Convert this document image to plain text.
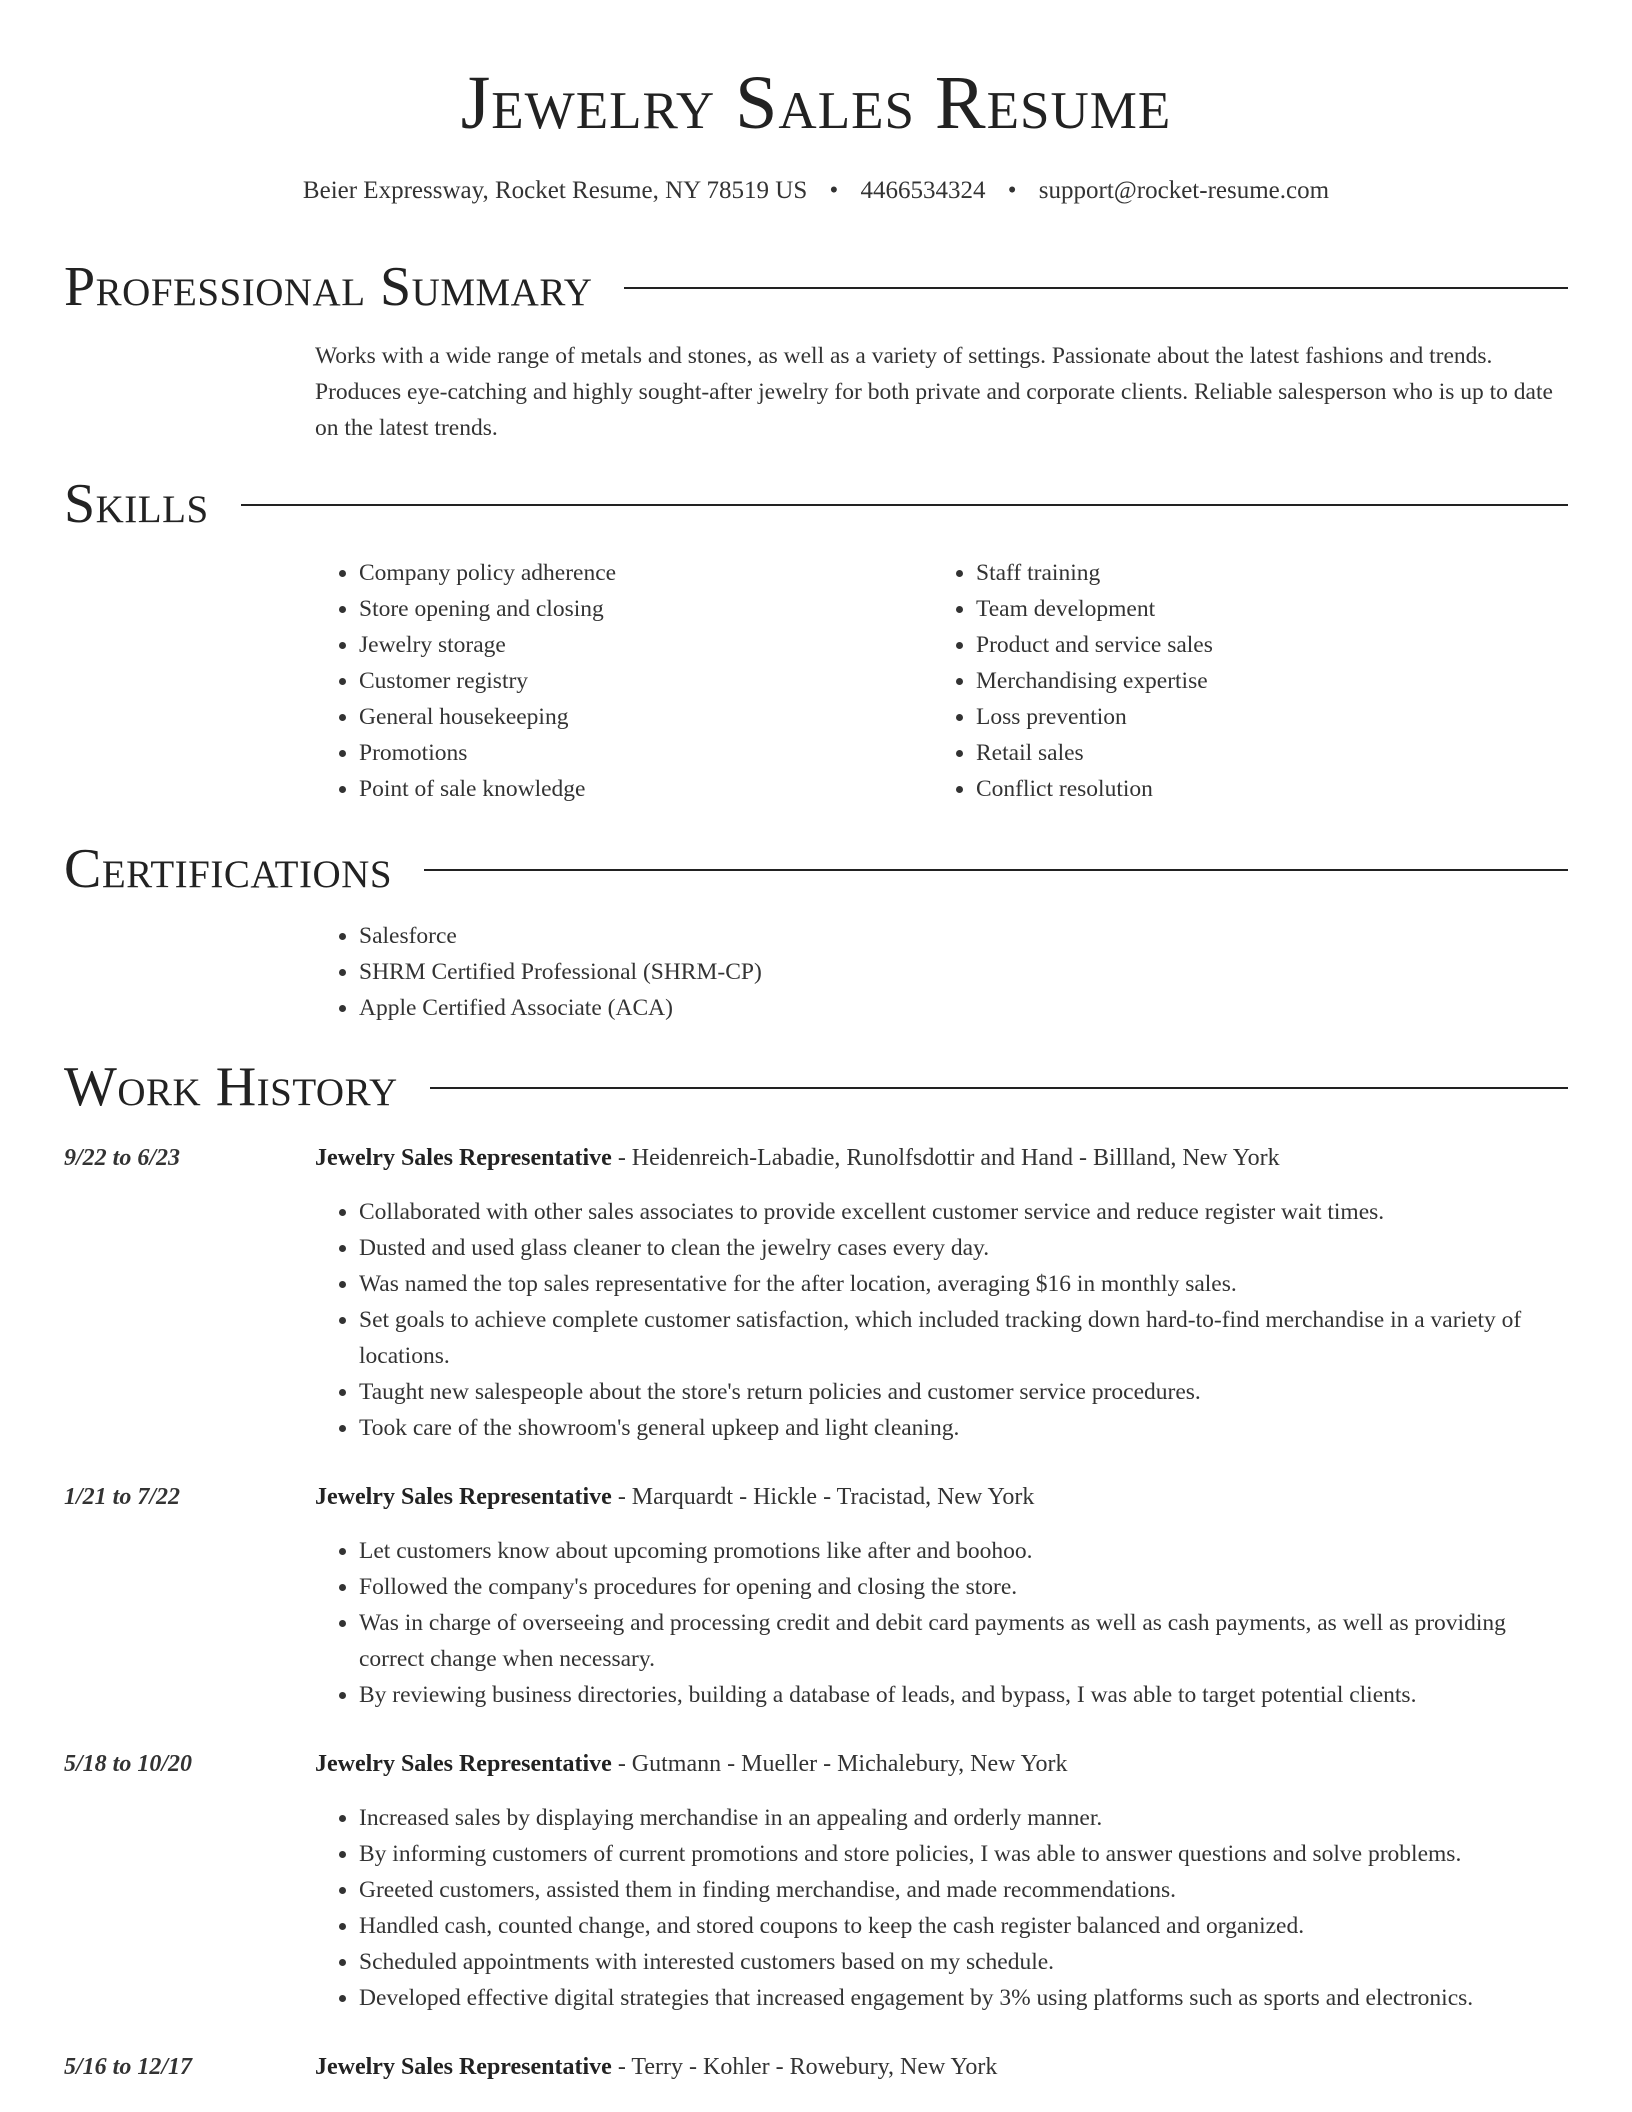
Jewelry Sales Resume
Beier Expressway, Rocket Resume, NY 78519 US • 4466534324 • support@rocket-resume.com
Professional Summary

Works with a wide range of metals and stones, as well as a variety of settings. Passionate about the latest fashions and trends. Produces eye-catching and highly sought-after jewelry for both private and corporate clients. Reliable salesperson who is up to date on the latest trends.

Skills
• Company policy adherence
• Store opening and closing
• Jewelry storage
• Customer registry
• General housekeeping
• Promotions
• Point of sale knowledge
• Staff training
• Team development
• Product and service sales
• Merchandising expertise
• Loss prevention
• Retail sales
• Conflict resolution
Certifications
• Salesforce
• SHRM Certified Professional (SHRM-CP)
• Apple Certified Associate (ACA)
Work History
9/22 to 6/23	Jewelry Sales Representative - Heidenreich-Labadie, Runolfsdottir and Hand - Billland, New York
• Collaborated with other sales associates to provide excellent customer service and reduce register wait times.
• Dusted and used glass cleaner to clean the jewelry cases every day.
• Was named the top sales representative for the after location, averaging $16 in monthly sales.
• Set goals to achieve complete customer satisfaction, which included tracking down hard-to-find merchandise in a variety of locations.
• Taught new salespeople about the store's return policies and customer service procedures.
• Took care of the showroom's general upkeep and light cleaning.
1/21 to 7/22	Jewelry Sales Representative - Marquardt - Hickle - Tracistad, New York
• Let customers know about upcoming promotions like after and boohoo.
• Followed the company's procedures for opening and closing the store.
• Was in charge of overseeing and processing credit and debit card payments as well as cash payments, as well as providing correct change when necessary.
• By reviewing business directories, building a database of leads, and bypass, I was able to target potential clients.
5/18 to 10/20	Jewelry Sales Representative - Gutmann - Mueller - Michalebury, New York
• Increased sales by displaying merchandise in an appealing and orderly manner.
• By informing customers of current promotions and store policies, I was able to answer questions and solve problems.
• Greeted customers, assisted them in finding merchandise, and made recommendations.
• Handled cash, counted change, and stored coupons to keep the cash register balanced and organized.
• Scheduled appointments with interested customers based on my schedule.
• Developed effective digital strategies that increased engagement by 3% using platforms such as sports and electronics.
5/16 to 12/17	Jewelry Sales Representative - Terry - Kohler - Rowebury, New York
